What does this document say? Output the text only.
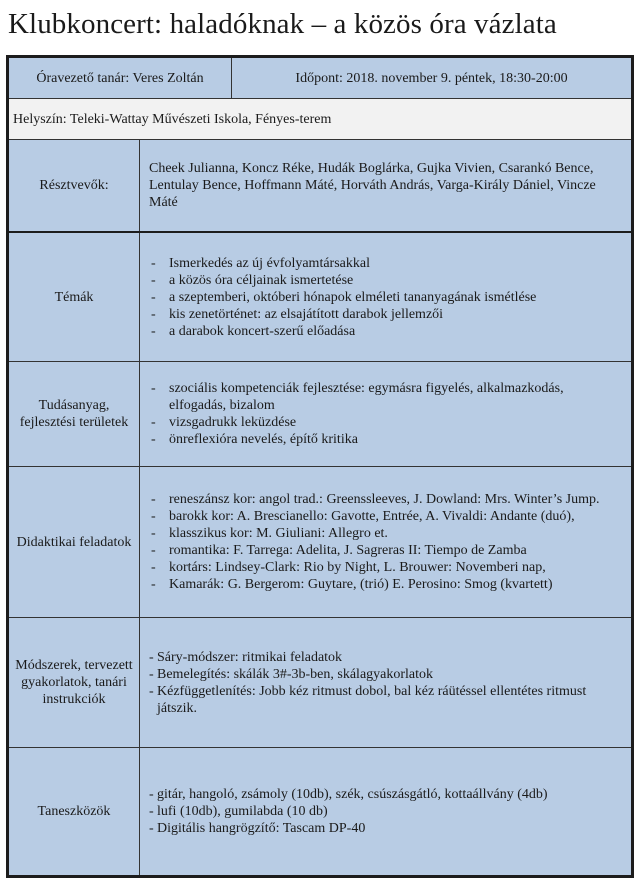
Klubkoncert: haladóknak – a közös óra vázlata
Óravezető tanár: Veres Zoltán	Időpont: 2018. november 9. péntek, 18:30-20:00
Helyszín: Teleki-Wattay Művészeti Iskola, Fényes-terem
Résztvevők:
Cheek Julianna, Koncz Réke, Hudák Boglárka, Gujka Vivien, Csarankó Bence, Lentulay Bence, Hoffmann Máté, Horváth András, Varga-Király Dániel, Vincze Máté
Témák
- Ismerkedés az új évfolyamtársakkal
- a közös óra céljainak ismertetése
- a szeptemberi, októberi hónapok elméleti tananyagának ismétlése
- kis zenetörténet: az elsajátított darabok jellemzői
- a darabok koncert-szerű előadása
Tudásanyag, fejlesztési területek
- szociális kompetenciák fejlesztése: egymásra figyelés, alkalmazkodás, elfogadás, bizalom
- vizsgadrukk leküzdése
- önreflexióra nevelés, építő kritika
Didaktikai feladatok
- reneszánsz kor: angol trad.: Greenssleeves, J. Dowland: Mrs. Winter’s Jump.
- barokk kor: A. Brescianello: Gavotte, Entrée, A. Vivaldi: Andante (duó),
- klasszikus kor: M. Giuliani: Allegro et.
- romantika: F. Tarrega: Adelita, J. Sagreras II: Tiempo de Zamba
- kortárs: Lindsey-Clark: Rio by Night, L. Brouwer: Novemberi nap,
- Kamarák: G. Bergerom: Guytare, (trió) E. Perosino: Smog (kvartett)
Módszerek, tervezett gyakorlatok, tanári instrukciók
- Sáry-módszer: ritmikai feladatok
- Bemelegítés: skálák 3#-3b-ben, skálagyakorlatok
- Kézfüggetlenítés: Jobb kéz ritmust dobol, bal kéz ráütéssel ellentétes ritmust játszik.
Taneszközök
- gitár, hangoló, zsámoly (10db), szék, csúszásgátló, kottaállvány (4db)
- lufi (10db), gumilabda (10 db)
- Digitális hangrögzítő: Tascam DP-40
